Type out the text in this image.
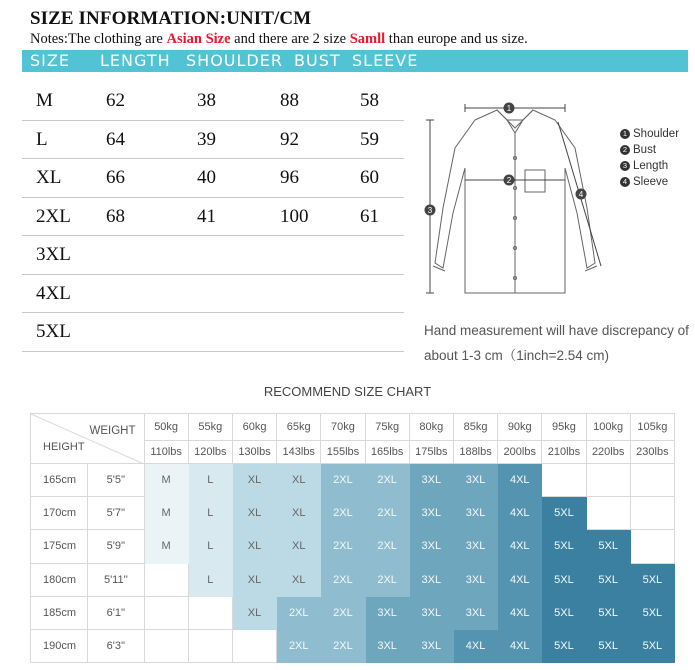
SIZE INFORMATION:UNIT/CM
Notes:The clothing are Asian Size and there are 2 size Samll than europe and us size.
SIZE LENGTH SHOULDER BUST SLEEVE
M	62	38	88	58
L	64	39	92	59
XL 66	40	96	60
2XL 68	41	100	61
3XL
4XL
5XL
1
2
3
4
1 Shoulder
2 Bust
3 Length
4 Sleeve
Hand measurement will have discrepancy of
about 1-3 cm（1inch=2.54 cm)
RECOMMEND SIZE CHART
WEIGHT
HEIGHT		50kg	55kg	60kg	65kg	70kg	75kg	80kg	85kg	90kg	95kg	100kg	105kg
		110lbs	120lbs	130lbs	143lbs	155lbs	165lbs	175lbs	188lbs	200lbs	210lbs	220lbs	230lbs
165cm	5'5''	M	L	XL	XL	2XL	2XL	3XL	3XL	4XL			
170cm	5'7''	M	L	XL	XL	2XL	2XL	3XL	3XL	4XL	5XL		
175cm	5'9''	M	L	XL	XL	2XL	2XL	3XL	3XL	4XL	5XL	5XL	
180cm	5'11''		L	XL	XL	2XL	2XL	3XL	3XL	4XL	5XL	5XL	5XL
185cm	6'1''			XL	2XL	2XL	3XL	3XL	3XL	4XL	5XL	5XL	5XL
190cm	6'3''				2XL	2XL	3XL	3XL	4XL	4XL	5XL	5XL	5XL
